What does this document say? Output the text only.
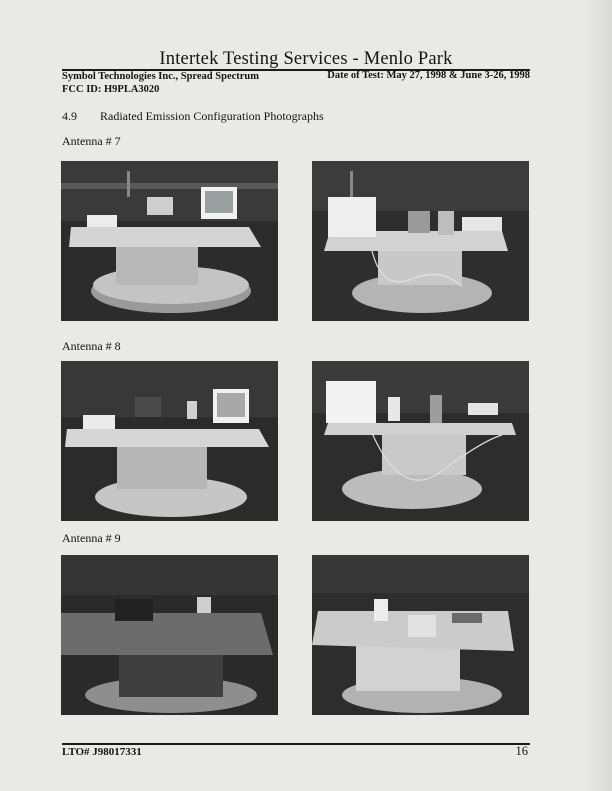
Intertek Testing Services - Menlo Park
Symbol Technologies Inc., Spread Spectrum
FCC ID: H9PLA3020
Date of Test: May 27, 1998 & June 3-26, 1998
4.9 Radiated Emission Configuration Photographs
Antenna # 7
Antenna # 8
Antenna # 9
LTO# J98017331	16
